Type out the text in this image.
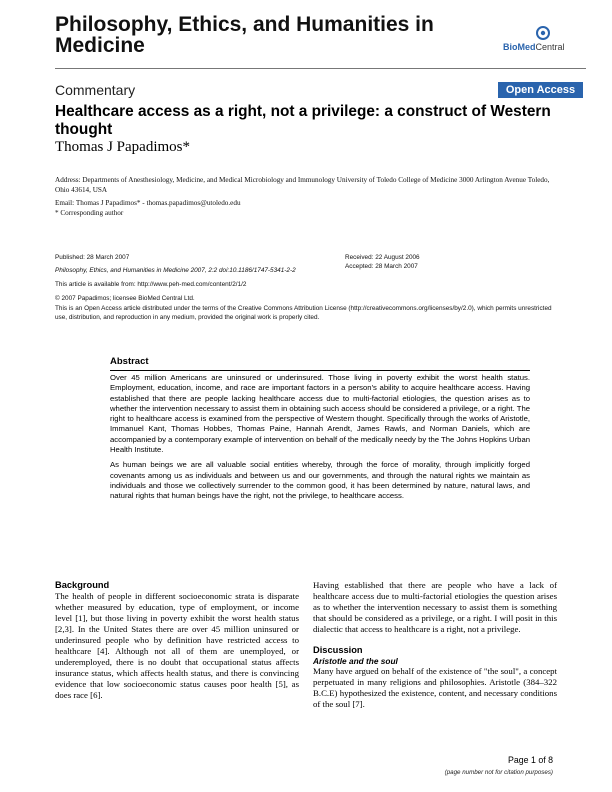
Philosophy, Ethics, and Humanities in Medicine	BioMedCentral
Commentary	Open Access
Healthcare access as a right, not a privilege: a construct of Western thought
Thomas J Papadimos*
Address: Departments of Anesthesiology, Medicine, and Medical Microbiology and Immunology University of Toledo College of Medicine 3000 Arlington Avenue Toledo, Ohio 43614, USA
Email: Thomas J Papadimos* - thomas.papadimos@utoledo.edu
* Corresponding author
Published: 28 March 2007
Philosophy, Ethics, and Humanities in Medicine 2007, 2:2 doi:10.1186/1747-5341-2-2
Received: 22 August 2006
Accepted: 28 March 2007
This article is available from: http://www.peh-med.com/content/2/1/2
© 2007 Papadimos; licensee BioMed Central Ltd.
This is an Open Access article distributed under the terms of the Creative Commons Attribution License (http://creativecommons.org/licenses/by/2.0), which permits unrestricted use, distribution, and reproduction in any medium, provided the original work is properly cited.
Abstract

Over 45 million Americans are uninsured or underinsured. Those living in poverty exhibit the worst health status. Employment, education, income, and race are important factors in a person's ability to acquire healthcare access. Having established that there are people lacking healthcare access due to multi-factorial etiologies, the question arises as to whether the intervention necessary to assist them in obtaining such access should be considered a privilege, or a right. The right to healthcare access is examined from the perspective of Western thought. Specifically through the works of Aristotle, Immanuel Kant, Thomas Hobbes, Thomas Paine, Hannah Arendt, James Rawls, and Norman Daniels, which are accompanied by a contemporary example of intervention on behalf of the medically needy by the The Johns Hopkins Urban Health Institute.

As human beings we are all valuable social entities whereby, through the force of morality, through implicitly forged covenants among us as individuals and between us and our governments, and through the natural rights we maintain as individuals and those we collectively surrender to the common good, it has been determined by nature, natural laws, and natural rights that human beings have the right, not the privilege, to healthcare access.

Background

The health of people in different socioeconomic strata is disparate whether measured by education, type of employment, or income level [1], but those living in poverty exhibit the worst health status [2,3]. In the United States there are over 45 million uninsured or underinsured people who by definition have restricted access to healthcare [4]. Although not all of them are unemployed, or underemployed, there is no doubt that occupational status affects insurance status, which affects health status, and there is convincing evidence that low socioeconomic status causes poor health [5], as does race [6].

Having established that there are people who have a lack of healthcare access due to multi-factorial etiologies the question arises as to whether the intervention necessary to assist them is something that should be considered as a privilege, or a right. I will posit in this dialectic that access to healthcare is a right, not a privilege.

Discussion

Aristotle and the soul

Many have argued on behalf of the existence of "the soul", a concept perpetuated in many religions and philosophies. Aristotle (384–322 B.C.E) hypothesized the existence, content, and necessary conditions of the soul [7].

Page 1 of 8
(page number not for citation purposes)
